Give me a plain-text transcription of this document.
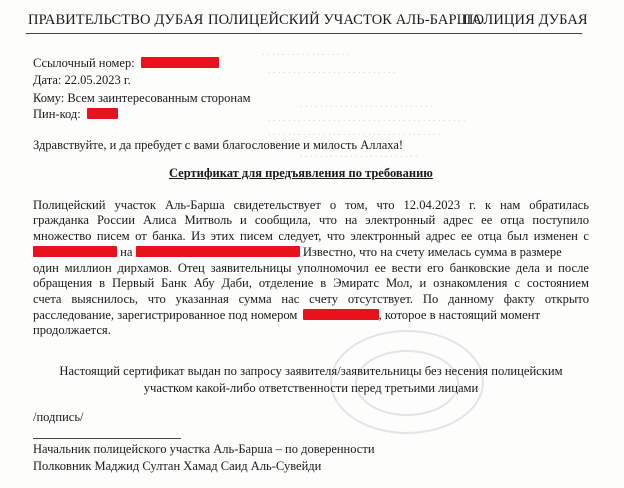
. . . . . . . . . . . . . . . . . .
. . . . . . . . . . . . . . . . . . . . . . . . . .
. . . . . . . . . . . . . . . . . . . . . . . . . . .
. . . . . . . . . . . . . . . . . . . . . . . . . . . . . . . . . . . . . . . .
. . . . . . . . . . . . . . . . . . . . . . . . . . . . . . . . . . .
. . . . . . . . . . . . . . . . . . . . . . . .
ПРАВИТЕЛЬСТВО ДУБАЯ ПОЛИЦЕЙСКИЙ УЧАСТОК АЛЬ-БАРША
ПОЛИЦИЯ ДУБАЯ
Ссылочный номер:
Дата: 22.05.2023 г.
Кому: Всем заинтересованным сторонам
Пин-код:
Здравствуйте, и да пребудет с вами благословение и милость Аллаха!
Сертификат для предъявления по требованию
Полицейский участок Аль-Барша свидетельствует о том, что 12.04.2023 г. к нам обратилась
гражданка России Алиса Митволь и сообщила, что на электронный адрес ее отца поступило
множество писем от банка. Из этих писем следует, что электронный адрес ее отца был изменен с
на	Известно, что на счету имелась сумма в размере
один миллион дирхамов. Отец заявительницы уполномочил ее вести его банковские дела и после
обращения в Первый Банк Абу Даби, отделение в Эмиратс Мол, и ознакомления с состоянием
счета выяснилось, что указанная сумма нас счету отсутствует. По данному факту открыто
расследование, зарегистрированное под номером	, которое в настоящий момент
продолжается.
Настоящий сертификат выдан по запросу заявителя/заявительницы без несения полицейским
участком какой-либо ответственности перед третьими лицами
/подпись/
Начальник полицейского участка Аль-Барша – по доверенности
Полковник Маджид Султан Хамад Саид Аль-Сувейди
